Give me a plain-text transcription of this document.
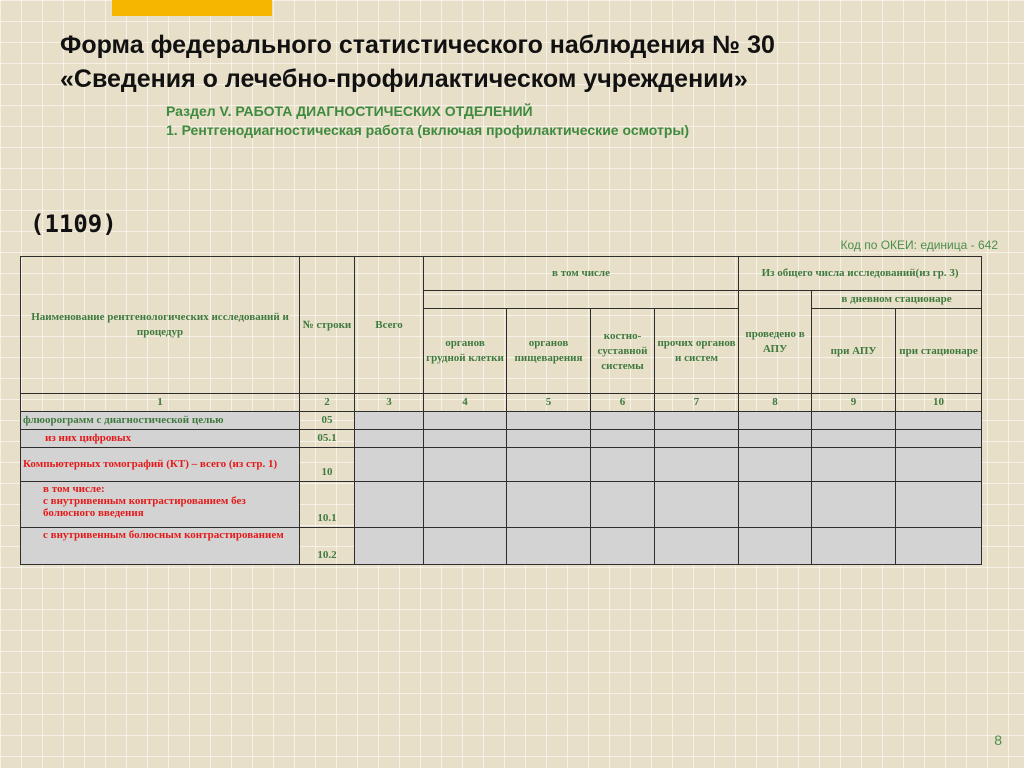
Форма федерального статистического наблюдения № 30
«Сведения о лечебно-профилактическом учреждении»
Раздел V. РАБОТА ДИАГНОСТИЧЕСКИХ ОТДЕЛЕНИЙ
1. Рентгенодиагностическая работа (включая профилактические осмотры)
(1109)
Код по ОКЕИ: единица - 642
Наименование рентгенологических исследований и процедур	№ строки	Всего	в том числе				Из общего числа исследований(из гр. 3)		
							проведено в АПУ	в дневном стационаре	
			органов грудной клетки	органов пищеварения	костно-суставной системы	прочих органов и систем		при АПУ	при стационаре
1	2	3	4	5	6	7	8	9	10
флюорограмм с диагностической целью	05								
из них цифровых	05.1								
Компьютерных томографий (КТ) – всего (из стр. 1)	10								

в том числе:
с внутривенным контрастированием без болюсного введения	10.1								
с внутривенным болюсным контрастированием	10.2								
8
